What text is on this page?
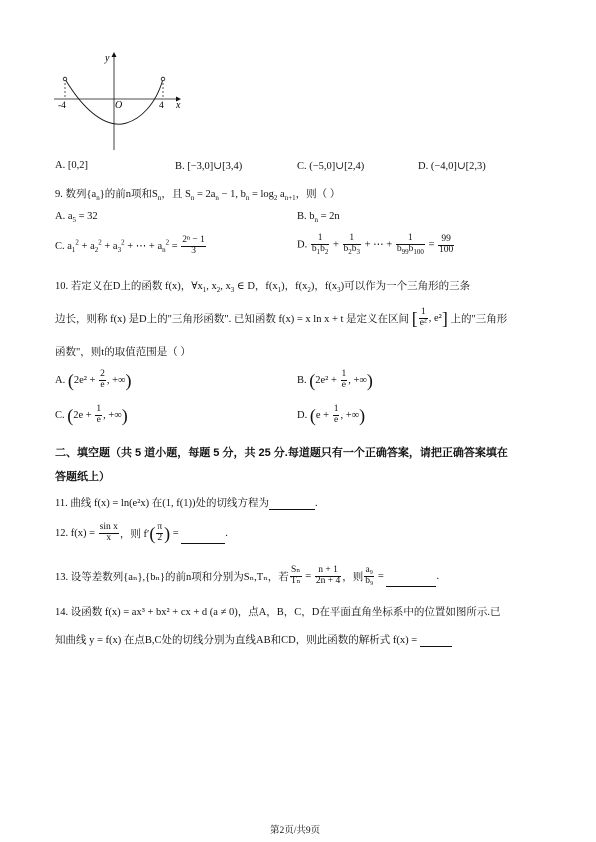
y
x
O
-4	4
A. [0,2]	B. [−3,0]∪[3,4)	C. (−5,0]∪[2,4)	D. (−4,0]∪[2,3)
9. 数列$\{a_n\}$的前n项和$S_n$，且 $S_n = 2a_n - 1$, $b_n = \log_2 a_{n+1}$，则（ ）
A. $a_5 = 32$	B. $b_n = 2n$
C. $a_1^2 + a_2^2 + a_3^2$ + ⋯ + $a_n^2 = \frac{\text{2ⁿ − 1}}{3}$	D. $\frac{1}{b_1b_2} + \frac{1}{b_2b_3}$ + ⋯ + $\frac{1}{b_{99}b_{100}} = \frac{99}{100}$
10. 若定义在D上的函数 f(x)，$\forall x_1$, $x_2$, $x_3$ ∈ D，$f(x_1)$，$f(x_2)$，$f(x_3)$可以作为一个三角形的三条
边长，则称 f(x) 是D上的"三角形函数". 已知函数 f(x) = x ln x + t 是定义在区间 [ $\frac{1}{\text{e²}}$ , e²] 上的"三角形
函数"，则t的取值范围是（ ）
A. ($2e^2 + \frac{2}{e}$ , +∞)	B. ($2e^2 + \frac{1}{e}$ , +∞)
C. ($2e + \frac{1}{e}$ , +∞)	D. ($e + \frac{1}{e}$ , +∞)
二、填空题（共 5 道小题，每题 5 分，共 25 分.每道题只有一个正确答案，请把正确答案填在
答题纸上）
11. 曲线 f(x) = ln(e²x) 在(1, f(1))处的切线方程为	.
12. $f(x) = \frac{\text{sin x}}{x}$ ，则 $f'( \frac{\pi}{2}$ ) =	.
13. 设等差数列{aₙ},{bₙ}的前n项和分别为Sₙ,Tₙ，若 $\frac{\text{Sₙ}}{\text{Tₙ}} = \frac{n + 1}{2n + 4}$ ，则 $\frac{\text{a₉}}{\text{b₉}}$ =	.
14. 设函数 f(x) = ax³ + bx² + cx + d (a ≠ 0)，点A，B，C，D在平面直角坐标系中的位置如图所示.已
知曲线 y = f(x) 在点B,C处的切线分别为直线AB和CD，则此函数的解析式 f(x) =
第2页/共9页
